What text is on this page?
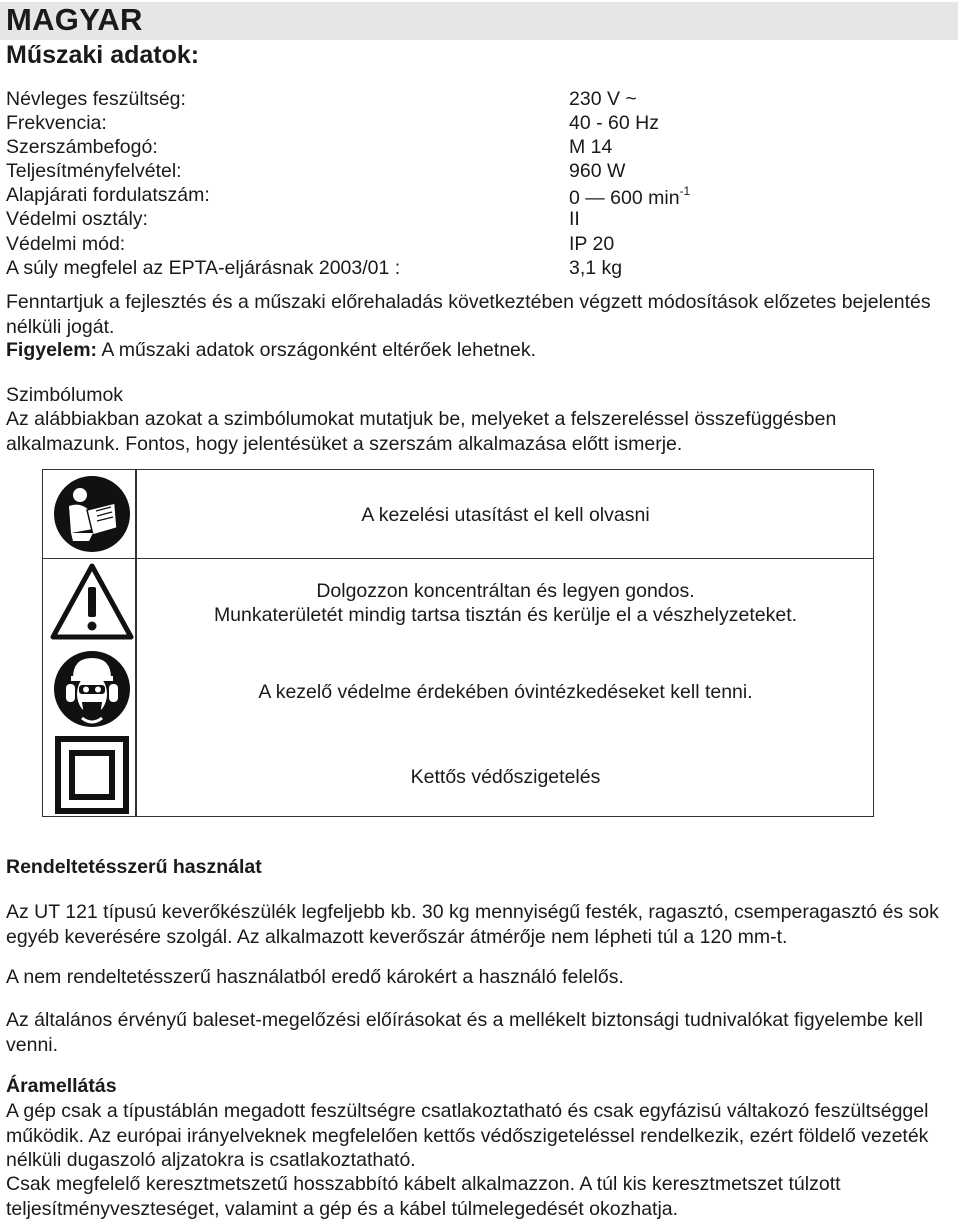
MAGYAR
Műszaki adatok:
Névleges feszültség:	230 V ~
Frekvencia:	40 - 60 Hz
Szerszámbefogó:	M 14
Teljesítményfelvétel:	960 W
Alapjárati fordulatszám:	0 — 600 $\min^{-1}$
Védelmi osztály:	II
Védelmi mód:	IP 20
A súly megfelel az EPTA-eljárásnak 2003/01 :	3,1 kg
Fenntartjuk a fejlesztés és a műszaki előrehaladás következtében végzett módosítások előzetes bejelentés nélküli jogát.
Figyelem: A műszaki adatok országonként eltérőek lehetnek.
Szimbólumok
Az alábbiakban azokat a szimbólumokat mutatjuk be, melyeket a felszereléssel összefüggésben alkalmazunk. Fontos, hogy jelentésüket a szerszám alkalmazása előtt ismerje.
A kezelési utasítást el kell olvasni
Dolgozzon koncentráltan és legyen gondos.
Munkaterületét mindig tartsa tisztán és kerülje el a vészhelyzeteket.
A kezelő védelme érdekében óvintézkedéseket kell tenni.
Kettős védőszigetelés
Rendeltetésszerű használat
Az UT 121 típusú keverőkészülék legfeljebb kb. 30 kg mennyiségű festék, ragasztó, csemperagasztó és sok egyéb keverésére szolgál. Az alkalmazott keverőszár átmérője nem lépheti túl a 120 mm-t.
A nem rendeltetésszerű használatból eredő károkért a használó felelős.
Az általános érvényű baleset-megelőzési előírásokat és a mellékelt biztonsági tudnivalókat figyelembe kell venni.
Áramellátás
A gép csak a típustáblán megadott feszültségre csatlakoztatható és csak egyfázisú váltakozó feszültséggel működik. Az európai irányelveknek megfelelően kettős védőszigeteléssel rendelkezik, ezért földelő vezeték nélküli dugaszoló aljzatokra is csatlakoztatható.
Csak megfelelő keresztmetszetű hosszabbító kábelt alkalmazzon. A túl kis keresztmetszet túlzott teljesítményveszteséget, valamint a gép és a kábel túlmelegedését okozhatja.
